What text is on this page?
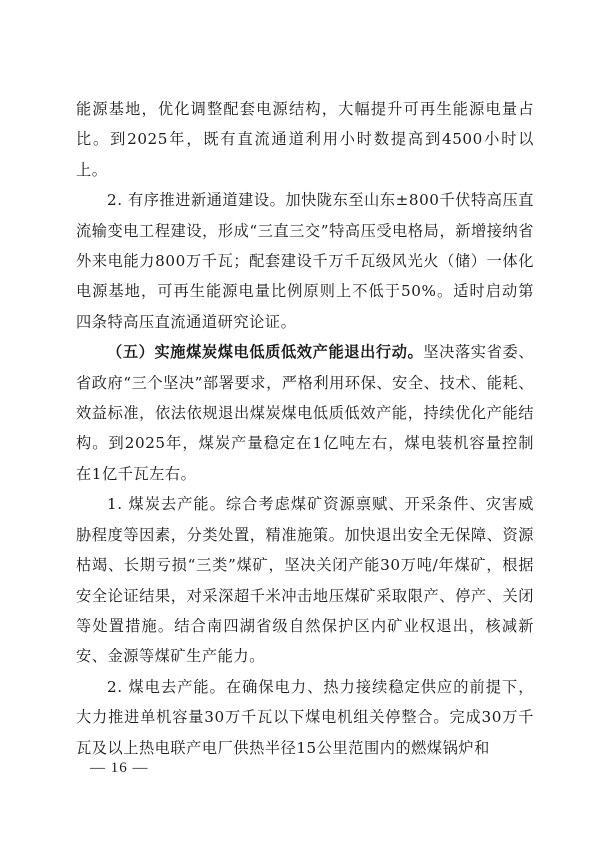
能源基地，优化调整配套电源结构，大幅提升可再生能源电量占比。到2025年，既有直流通道利用小时数提高到4500小时以上。

2. 有序推进新通道建设。加快陇东至山东±800千伏特高压直流输变电工程建设，形成“三直三交”特高压受电格局，新增接纳省外来电能力800万千瓦；配套建设千万千瓦级风光火（储）一体化电源基地，可再生能源电量比例原则上不低于50%。适时启动第四条特高压直流通道研究论证。

（五）实施煤炭煤电低质低效产能退出行动。坚决落实省委、省政府“三个坚决”部署要求，严格利用环保、安全、技术、能耗、效益标准，依法依规退出煤炭煤电低质低效产能，持续优化产能结构。到2025年，煤炭产量稳定在1亿吨左右，煤电装机容量控制在1亿千瓦左右。

1. 煤炭去产能。综合考虑煤矿资源禀赋、开采条件、灾害威胁程度等因素，分类处置，精准施策。加快退出安全无保障、资源枯竭、长期亏损“三类”煤矿，坚决关闭产能30万吨/年煤矿，根据安全论证结果，对采深超千米冲击地压煤矿采取限产、停产、关闭等处置措施。结合南四湖省级自然保护区内矿业权退出，核减新安、金源等煤矿生产能力。

2. 煤电去产能。在确保电力、热力接续稳定供应的前提下，大力推进单机容量30万千瓦以下煤电机组关停整合。完成30万千瓦及以上热电联产电厂供热半径15公里范围内的燃煤锅炉和

— 16 —
